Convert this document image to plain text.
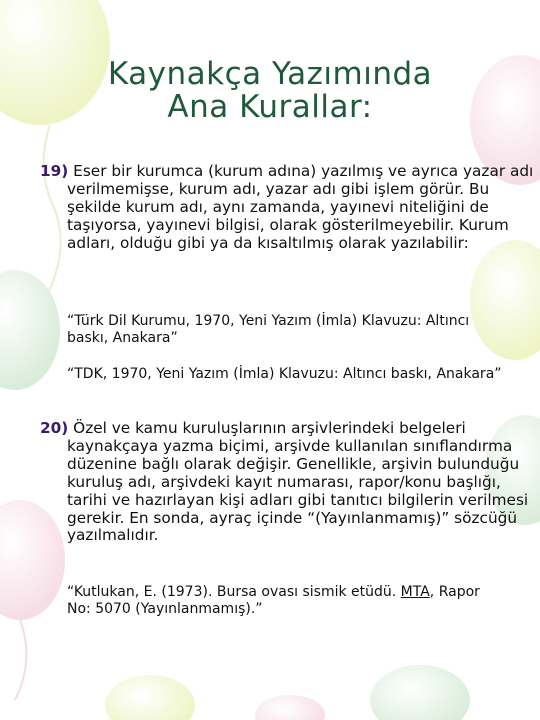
Kaynakça Yazımında
Ana Kurallar:
19) Eser bir kurumca (kurum adına) yazılmış ve ayrıca yazar adı verilmemişse, kurum adı, yazar adı gibi işlem görür. Bu şekilde kurum adı, aynı zamanda, yayınevi niteliğini de taşıyorsa, yayınevi bilgisi, olarak gösterilmeyebilir. Kurum adları, olduğu gibi ya da kısaltılmış olarak yazılabilir:
“Türk Dil Kurumu, 1970, Yeni Yazım (İmla) Klavuzu: Altıncı baskı, Anakara”
“TDK, 1970, Yeni Yazım (İmla) Klavuzu: Altıncı baskı, Anakara”
20) Özel ve kamu kuruluşlarının arşivlerindeki belgeleri kaynakçaya yazma biçimi, arşivde kullanılan sınıflandırma düzenine bağlı olarak değişir. Genellikle, arşivin bulunduğu kuruluş adı, arşivdeki kayıt numarası, rapor/konu başlığı, tarihi ve hazırlayan kişi adları gibi tanıtıcı bilgilerin verilmesi gerekir. En sonda, ayraç içinde “(Yayınlanmamış)” sözcüğü yazılmalıdır.
“Kutlukan, E. (1973). Bursa ovası sismik etüdü. MTA, Rapor No: 5070 (Yayınlanmamış).”
